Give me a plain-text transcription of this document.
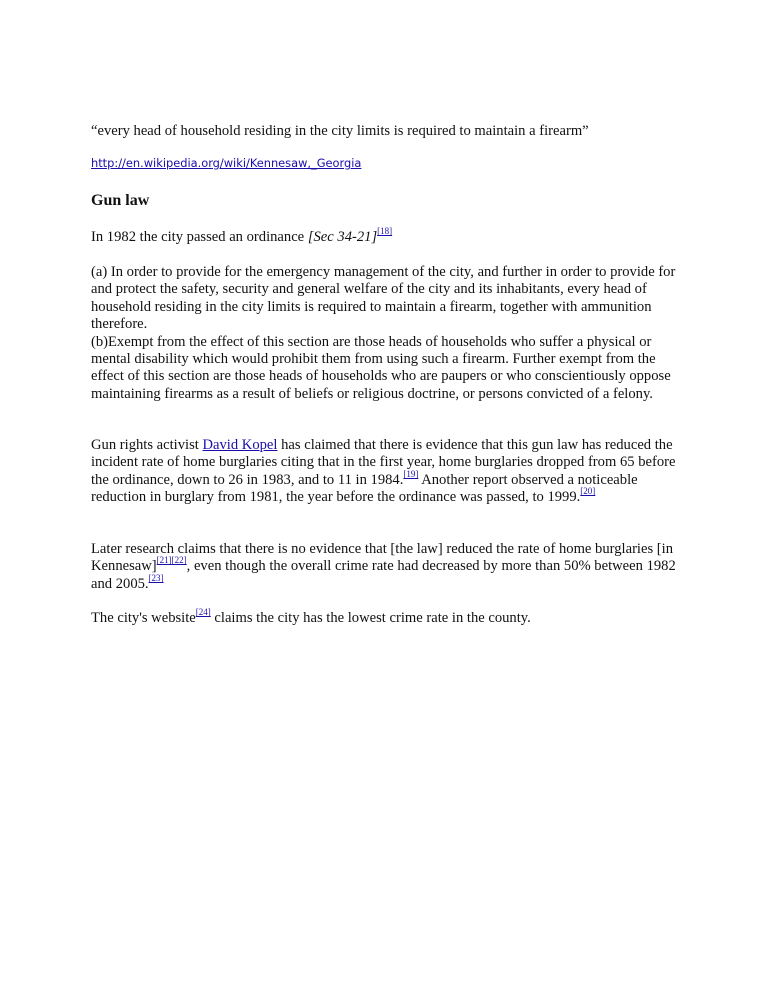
“every head of household residing in the city limits is required to maintain a firearm”
http://en.wikipedia.org/wiki/Kennesaw,_Georgia
Gun law

In 1982 the city passed an ordinance [Sec 34-21][18]

(a) In order to provide for the emergency management of the city, and further in order to provide for and protect the safety, security and general welfare of the city and its inhabitants, every head of household residing in the city limits is required to maintain a firearm, together with ammunition therefore.
(b)Exempt from the effect of this section are those heads of households who suffer a physical or mental disability which would prohibit them from using such a firearm. Further exempt from the effect of this section are those heads of households who are paupers or who conscientiously oppose maintaining firearms as a result of beliefs or religious doctrine, or persons convicted of a felony.

Gun rights activist David Kopel has claimed that there is evidence that this gun law has reduced the incident rate of home burglaries citing that in the first year, home burglaries dropped from 65 before the ordinance, down to 26 in 1983, and to 11 in 1984.[19] Another report observed a noticeable reduction in burglary from 1981, the year before the ordinance was passed, to 1999.[20]

Later research claims that there is no evidence that [the law] reduced the rate of home burglaries [in Kennesaw][21][22], even though the overall crime rate had decreased by more than 50% between 1982 and 2005.[23]

The city's website[24] claims the city has the lowest crime rate in the county.
